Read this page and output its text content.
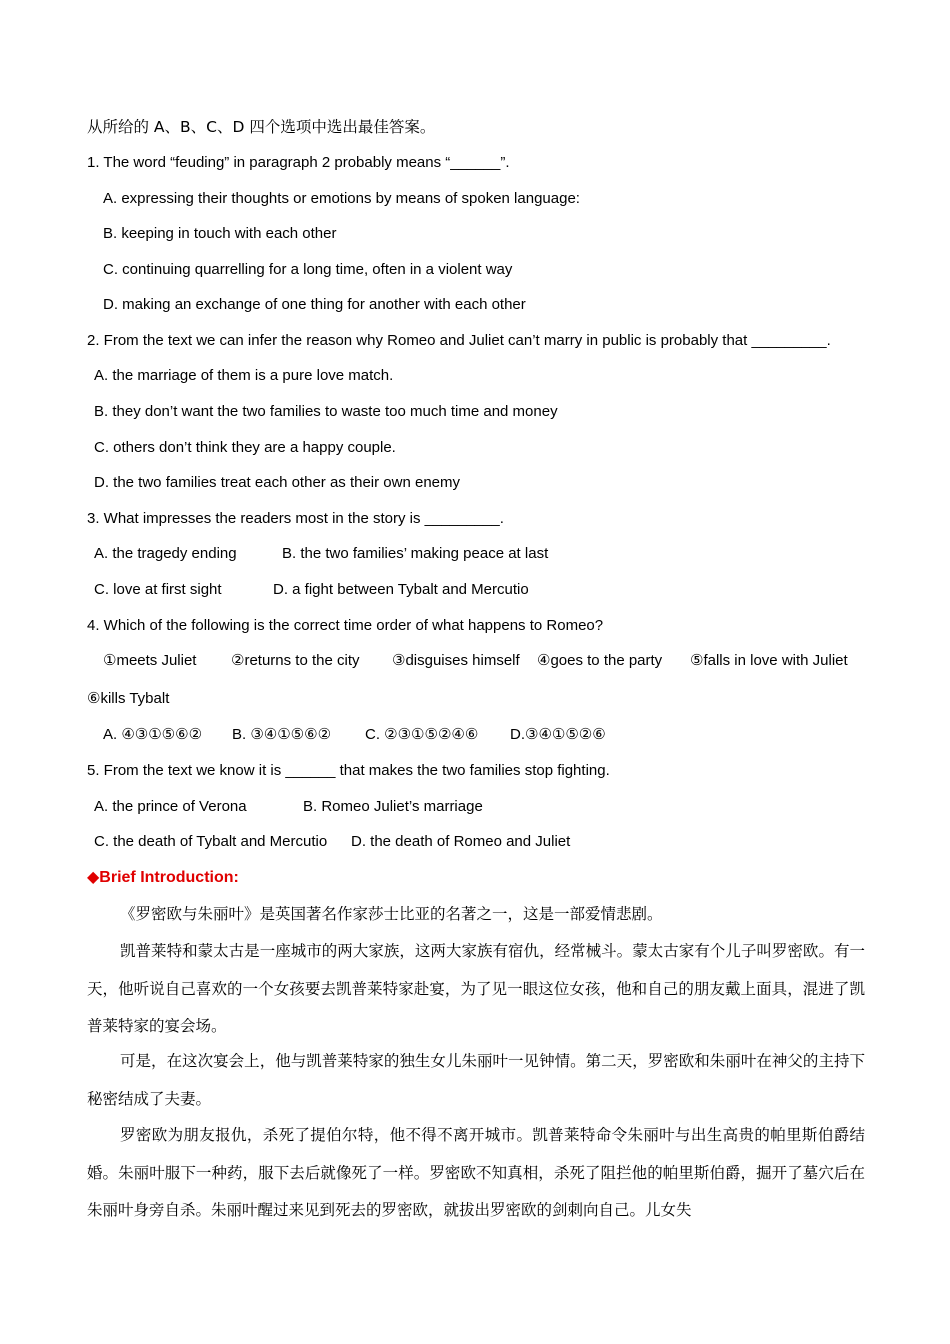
从所给的 A、B、C、D 四个选项中选出最佳答案。
1. The word “feuding” in paragraph 2 probably means “______”.
A. expressing their thoughts or emotions by means of spoken language:
B. keeping in touch with each other
C. continuing quarrelling for a long time, often in a violent way
D. making an exchange of one thing for another with each other
2. From the text we can infer the reason why Romeo and Juliet can’t marry in public is probably that _________.
A. the marriage of them is a pure love match.
B. they don’t want the two families to waste too much time and money
C. others don’t think they are a happy couple.
D. the two families treat each other as their own enemy
3. What impresses the readers most in the story is _________.
A. the tragedy ending	B. the two families’ making peace at last
C. love at first sight	D. a fight between Tybalt and Mercutio
4. Which of the following is the correct time order of what happens to Romeo?
①meets Juliet ②returns to the city ③disguises himself ④goes to the party ⑤falls in love with Juliet
⑥kills Tybalt
A. ④③①⑤⑥② B. ③④①⑤⑥② C. ②③①⑤②④⑥ D.③④①⑤②⑥
5. From the text we know it is ______ that makes the two families stop fighting.
A. the prince of Verona	B. Romeo Juliet’s marriage
C. the death of Tybalt and Mercutio D. the death of Romeo and Juliet
◆Brief Introduction:
《罗密欧与朱丽叶》是英国著名作家莎士比亚的名著之一，这是一部爱情悲剧。
凯普莱特和蒙太古是一座城市的两大家族，这两大家族有宿仇，经常械斗。蒙太古家有个儿子叫罗密欧。有一天，他听说自己喜欢的一个女孩要去凯普莱特家赴宴，为了见一眼这位女孩，他和自己的朋友戴上面具，混进了凯普莱特家的宴会场。
可是，在这次宴会上，他与凯普莱特家的独生女儿朱丽叶一见钟情。第二天，罗密欧和朱丽叶在神父的主持下秘密结成了夫妻。
罗密欧为朋友报仇，杀死了提伯尔特，他不得不离开城市。凯普莱特命令朱丽叶与出生高贵的帕里斯伯爵结婚。朱丽叶服下一种药，服下去后就像死了一样。罗密欧不知真相，杀死了阻拦他的帕里斯伯爵，掘开了墓穴后在朱丽叶身旁自杀。朱丽叶醒过来见到死去的罗密欧，就拔出罗密欧的剑刺向自己。儿女失
